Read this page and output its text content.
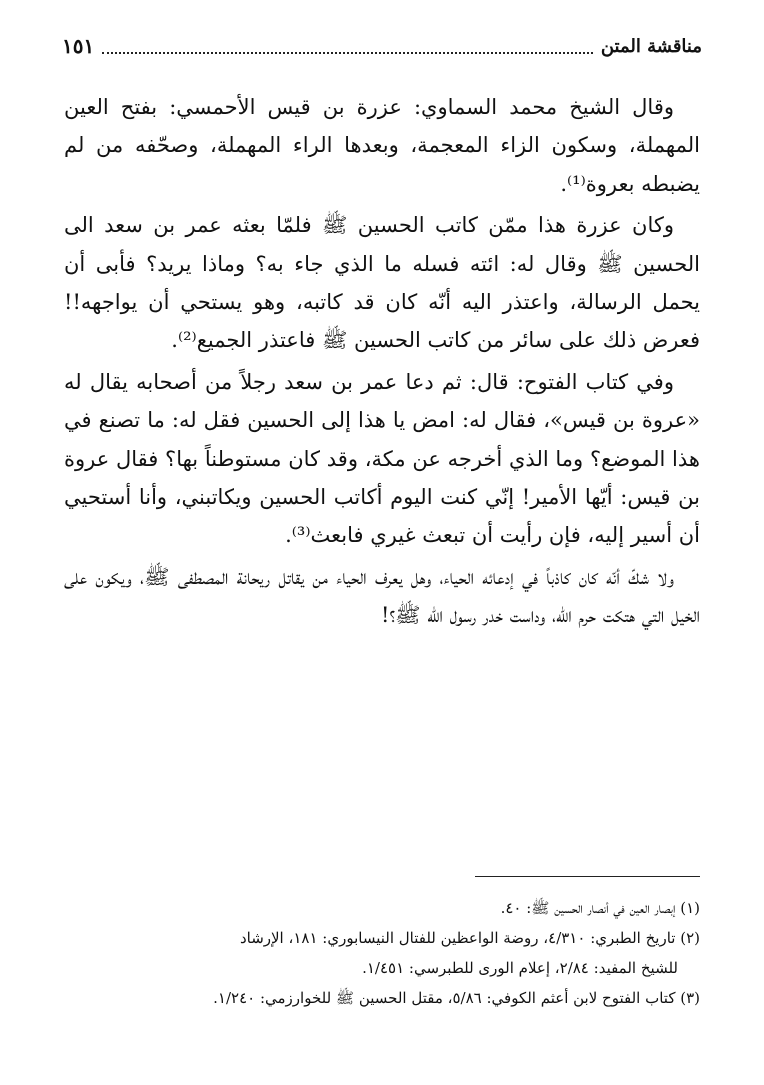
مناقشة المتن
١٥١

وقال الشيخ محمد السماوي: عزرة بن قيس الأحمسي: بفتح العين المهملة، وسكون الزاء المعجمة، وبعدها الراء المهملة، وصحّفه من لم يضبطه بعروة⁽¹⁾.

وكان عزرة هذا ممّن كاتب الحسين ﷺ فلمّا بعثه عمر بن سعد الى الحسين ﷺ وقال له: ائته فسله ما الذي جاء به؟ وماذا يريد؟ فأبى أن يحمل الرسالة، واعتذر اليه أنّه كان قد كاتبه، وهو يستحي أن يواجهه!! فعرض ذلك على سائر من كاتب الحسين ﷺ فاعتذر الجميع⁽²⁾.

وفي كتاب الفتوح: قال: ثم دعا عمر بن سعد رجلاً من أصحابه يقال له «عروة بن قيس»، فقال له: امض يا هذا إلى الحسين فقل له: ما تصنع في هذا الموضع؟ وما الذي أخرجه عن مكة، وقد كان مستوطناً بها؟ فقال عروة بن قيس: أيّها الأمير! إنّي كنت اليوم أكاتب الحسين ويكاتبني، وأنا أستحيي أن أسير إليه، فإن رأيت أن تبعث غيري فابعث⁽³⁾.

ولا شكّ أنّه كان كاذباً في إدعائه الحياء، وهل يعرف الحياء من يقاتل ريحانة المصطفى ﷺ، ويكون على الخيل التي هتكت حرم الله، وداست خدر رسول الله ﷺ؟!

(١) إبصار العين في أنصار الحسين ﷺ: ٤٠.
(٢) تاريخ الطبري: ٤/٣١٠، روضة الواعظين للفتال النيسابوري: ١٨١، الإرشاد
للشيخ المفيد: ٢/٨٤، إعلام الورى للطبرسي: ١/٤٥١.
(٣) كتاب الفتوح لابن أعثم الكوفي: ٥/٨٦، مقتل الحسين ﷺ للخوارزمي: ١/٢٤٠.
